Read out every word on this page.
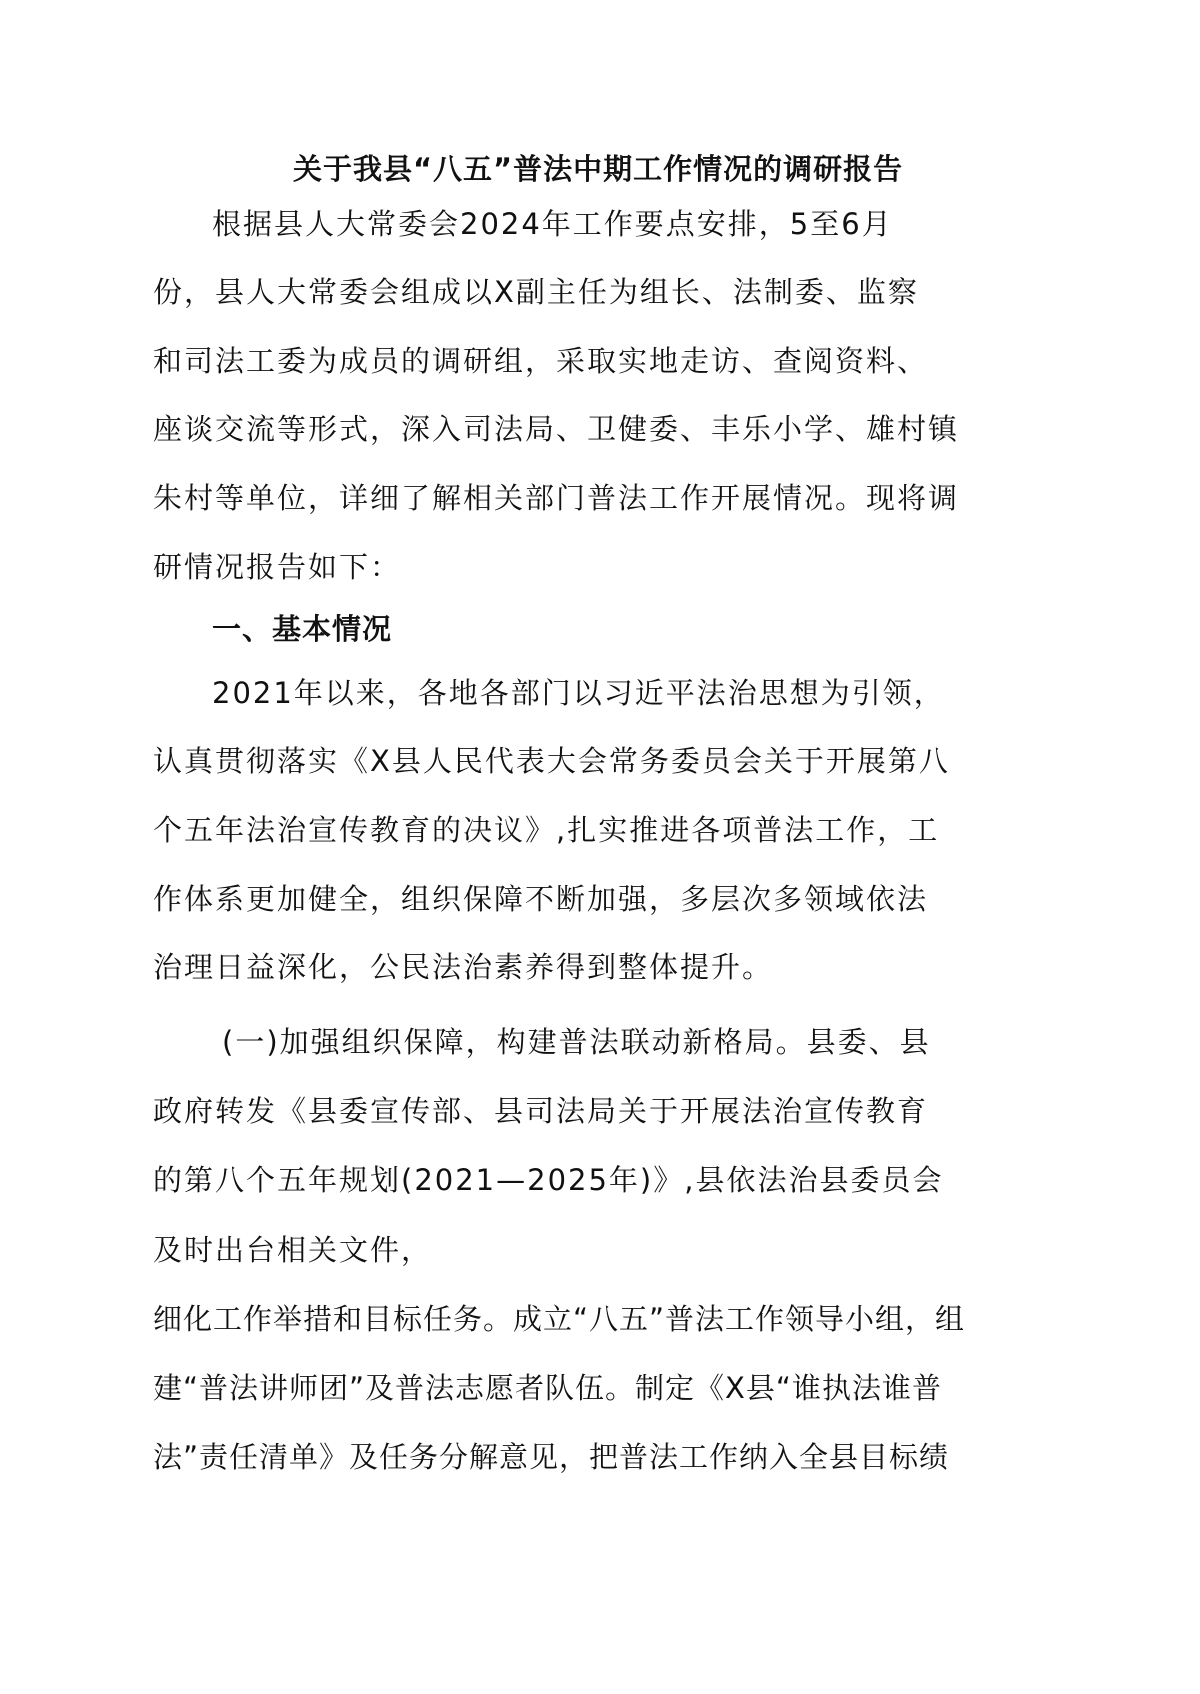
关于我县“八五”普法中期工作情况的调研报告
根据县人大常委会2024年工作要点安排，5至6月
份，县人大常委会组成以X副主任为组长、法制委、监察
和司法工委为成员的调研组，采取实地走访、查阅资料、
座谈交流等形式，深入司法局、卫健委、丰乐小学、雄村镇
朱村等单位，详细了解相关部门普法工作开展情况。现将调
研情况报告如下：
一、基本情况
2021年以来，各地各部门以习近平法治思想为引领，
认真贯彻落实《X县人民代表大会常务委员会关于开展第八
个五年法治宣传教育的决议》,扎实推进各项普法工作，工
作体系更加健全，组织保障不断加强，多层次多领域依法
治理日益深化，公民法治素养得到整体提升。
(一)加强组织保障，构建普法联动新格局。县委、县
政府转发《县委宣传部、县司法局关于开展法治宣传教育
的第八个五年规划(2021—2025年)》,县依法治县委员会
及时出台相关文件，
细化工作举措和目标任务。成立“八五”普法工作领导小组，组
建“普法讲师团”及普法志愿者队伍。制定《X县“谁执法谁普
法”责任清单》及任务分解意见，把普法工作纳入全县目标绩
